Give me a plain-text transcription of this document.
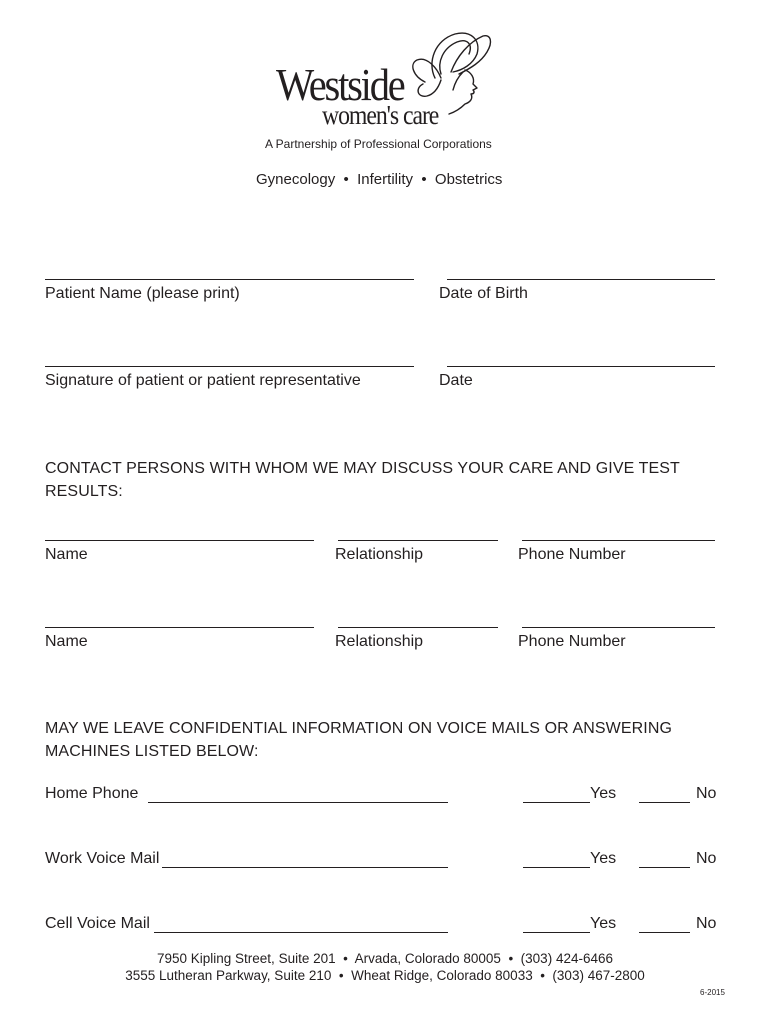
Westside
women's care
A Partnership of Professional Corporations
Gynecology  •  Infertility  •  Obstetrics
Patient Name (please print)	Date of Birth
Signature of patient or patient representative	Date
CONTACT PERSONS WITH WHOM WE MAY DISCUSS YOUR CARE AND GIVE TEST RESULTS:
Name	Relationship	Phone Number
Name	Relationship	Phone Number
MAY WE LEAVE CONFIDENTIAL INFORMATION ON VOICE MAILS OR ANSWERING MACHINES LISTED BELOW:
Home Phone	Yes	No
Work Voice Mail	Yes	No
Cell Voice Mail	Yes	No
7950 Kipling Street, Suite 201  •  Arvada, Colorado 80005  •  (303) 424-6466
3555 Lutheran Parkway, Suite 210  •  Wheat Ridge, Colorado 80033  •  (303) 467-2800
6-2015
